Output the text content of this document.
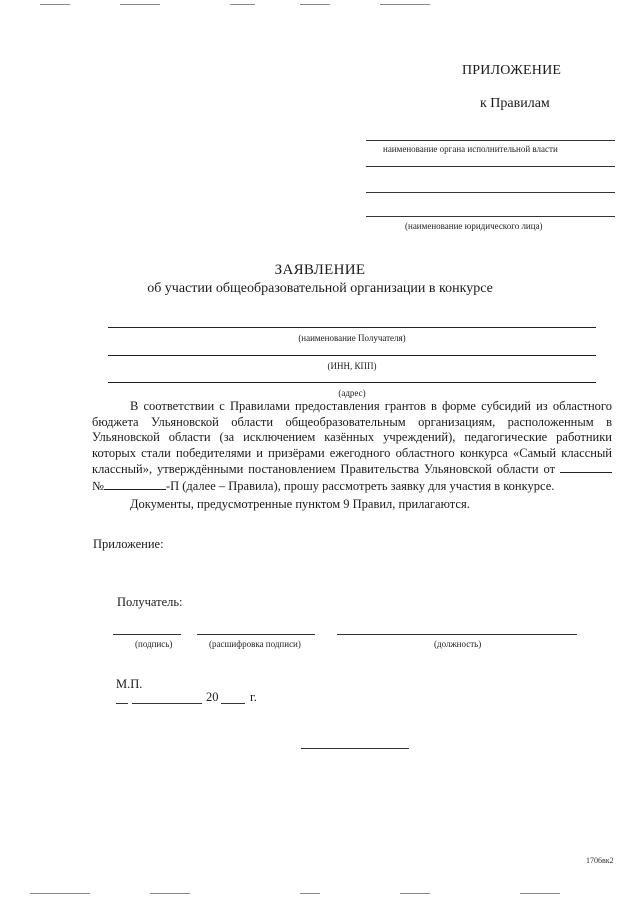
ПРИЛОЖЕНИЕ
к Правилам
наименование органа исполнительной власти
(наименование юридического лица)
ЗАЯВЛЕНИЕ
об участии общеобразовательной организации в конкурсе
(наименование Получателя)
(ИНН, КПП)
(адрес)

В соответствии с Правилами предоставления грантов в форме субсидий из областного бюджета Ульяновской области общеобразовательным организациям, расположенным в Ульяновской области (за исключением казённых учреждений), педагогические работники которых стали победителями и призёрами ежегодного областного конкурса «Самый классный классный», утверждёнными постановлением Правительства Ульяновской области от  №	-П (далее – Правила), прошу рассмотреть заявку для участия в конкурсе.

Документы, предусмотренные пунктом 9 Правил, прилагаются.

Приложение:
Получатель:
(подпись)	(расшифровка подписи)	(должность)
М.П.
20	г.
1706вк2
